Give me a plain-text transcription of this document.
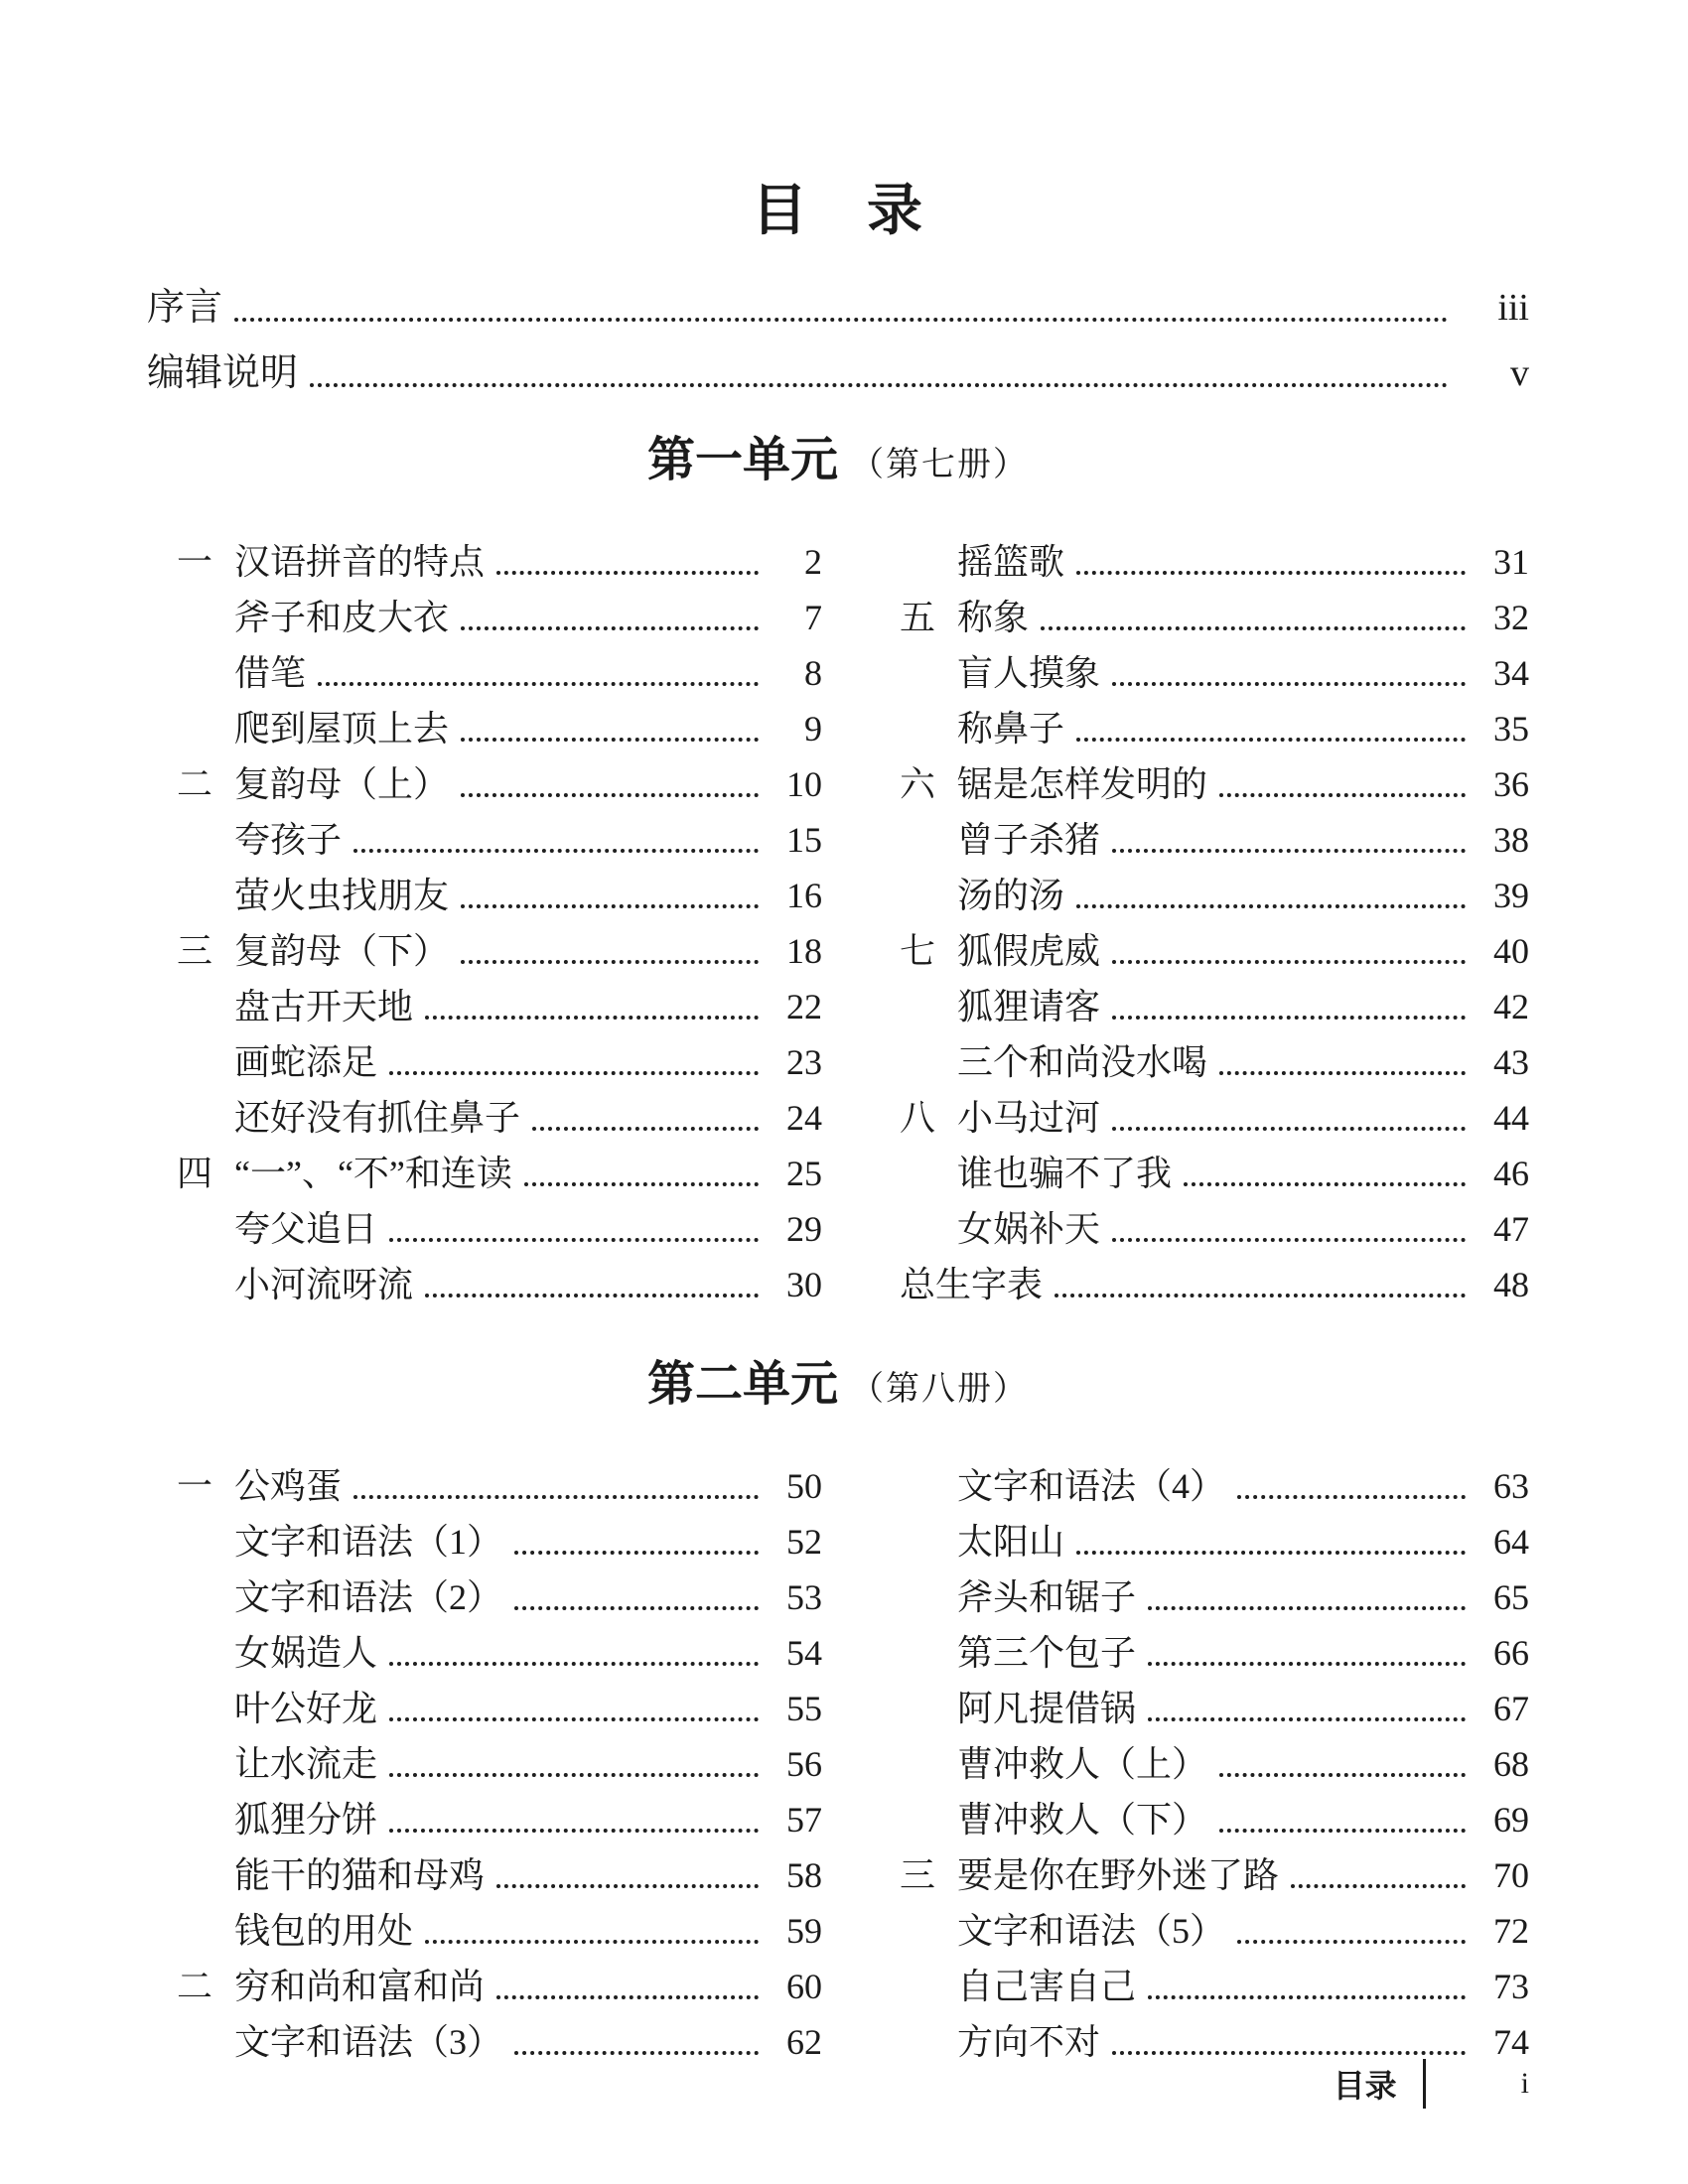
目　录
序言	iii
编辑说明	v
第一单元 （第七册）
一 汉语拼音的特点	2
斧子和皮大衣	7
借笔	8
爬到屋顶上去	9
二 复韵母（上）	10
夸孩子	15
萤火虫找朋友	16
三 复韵母（下）	18
盘古开天地	22
画蛇添足	23
还好没有抓住鼻子	24
四 “一”、“不”和连读	25
夸父追日	29
小河流呀流	30
摇篮歌	31
五 称象	32
盲人摸象	34
称鼻子	35
六 锯是怎样发明的	36
曾子杀猪	38
汤的汤	39
七 狐假虎威	40
狐狸请客	42
三个和尚没水喝	43
八 小马过河	44
谁也骗不了我	46
女娲补天	47
总生字表	48
第二单元 （第八册）
一 公鸡蛋	50
文字和语法（1）	52
文字和语法（2）	53
女娲造人	54
叶公好龙	55
让水流走	56
狐狸分饼	57
能干的猫和母鸡	58
钱包的用处	59
二 穷和尚和富和尚	60
文字和语法（3）	62
文字和语法（4）	63
太阳山	64
斧头和锯子	65
第三个包子	66
阿凡提借锅	67
曹冲救人（上）	68
曹冲救人（下）	69
三 要是你在野外迷了路	70
文字和语法（5）	72
自己害自己	73
方向不对	74
目录	i
